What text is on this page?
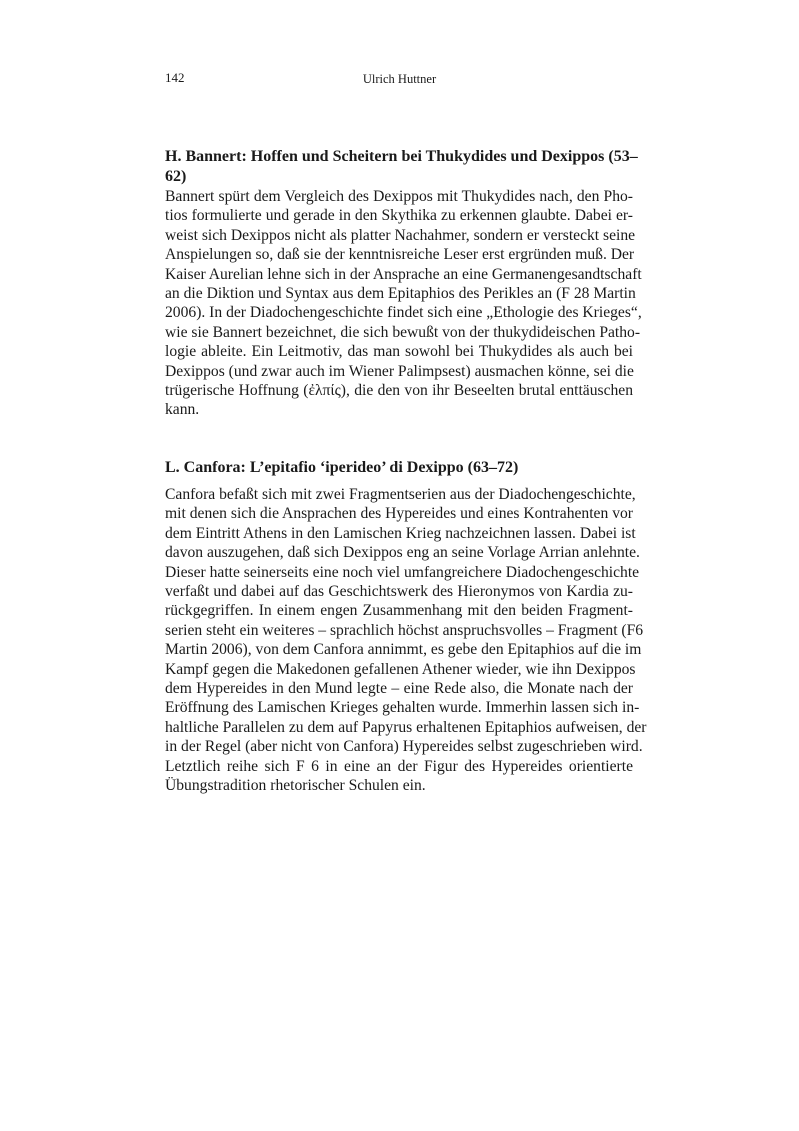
142	Ulrich Huttner
H. Bannert: Hoffen und Scheitern bei Thukydides und Dexippos (53–
62)
Bannert spürt dem Vergleich des Dexippos mit Thukydides nach, den Pho-
tios formulierte und gerade in den Skythika zu erkennen glaubte. Dabei er-
weist sich Dexippos nicht als platter Nachahmer, sondern er versteckt seine
Anspielungen so, daß sie der kenntnisreiche Leser erst ergründen muß. Der
Kaiser Aurelian lehne sich in der Ansprache an eine Germanengesandtschaft
an die Diktion und Syntax aus dem Epitaphios des Perikles an (F 28 Martin
2006). In der Diadochengeschichte findet sich eine „Ethologie des Krieges“,
wie sie Bannert bezeichnet, die sich bewußt von der thukydideischen Patho-
logie ableite. Ein Leitmotiv, das man sowohl bei Thukydides als auch bei
Dexippos (und zwar auch im Wiener Palimpsest) ausmachen könne, sei die
trügerische Hoffnung (ἐλπίς), die den von ihr Beseelten brutal enttäuschen
kann.
L. Canfora: L’epitafio ‘iperideo’ di Dexippo (63–72)
Canfora befaßt sich mit zwei Fragmentserien aus der Diadochengeschichte,
mit denen sich die Ansprachen des Hypereides und eines Kontrahenten vor
dem Eintritt Athens in den Lamischen Krieg nachzeichnen lassen. Dabei ist
davon auszugehen, daß sich Dexippos eng an seine Vorlage Arrian anlehnte.
Dieser hatte seinerseits eine noch viel umfangreichere Diadochengeschichte
verfaßt und dabei auf das Geschichtswerk des Hieronymos von Kardia zu-
rückgegriffen. In einem engen Zusammenhang mit den beiden Fragment-
serien steht ein weiteres – sprachlich höchst anspruchsvolles – Fragment (F6
Martin 2006), von dem Canfora annimmt, es gebe den Epitaphios auf die im
Kampf gegen die Makedonen gefallenen Athener wieder, wie ihn Dexippos
dem Hypereides in den Mund legte – eine Rede also, die Monate nach der
Eröffnung des Lamischen Krieges gehalten wurde. Immerhin lassen sich in-
haltliche Parallelen zu dem auf Papyrus erhaltenen Epitaphios aufweisen, der
in der Regel (aber nicht von Canfora) Hypereides selbst zugeschrieben wird.
Letztlich reihe sich F 6 in eine an der Figur des Hypereides orientierte
Übungstradition rhetorischer Schulen ein.
